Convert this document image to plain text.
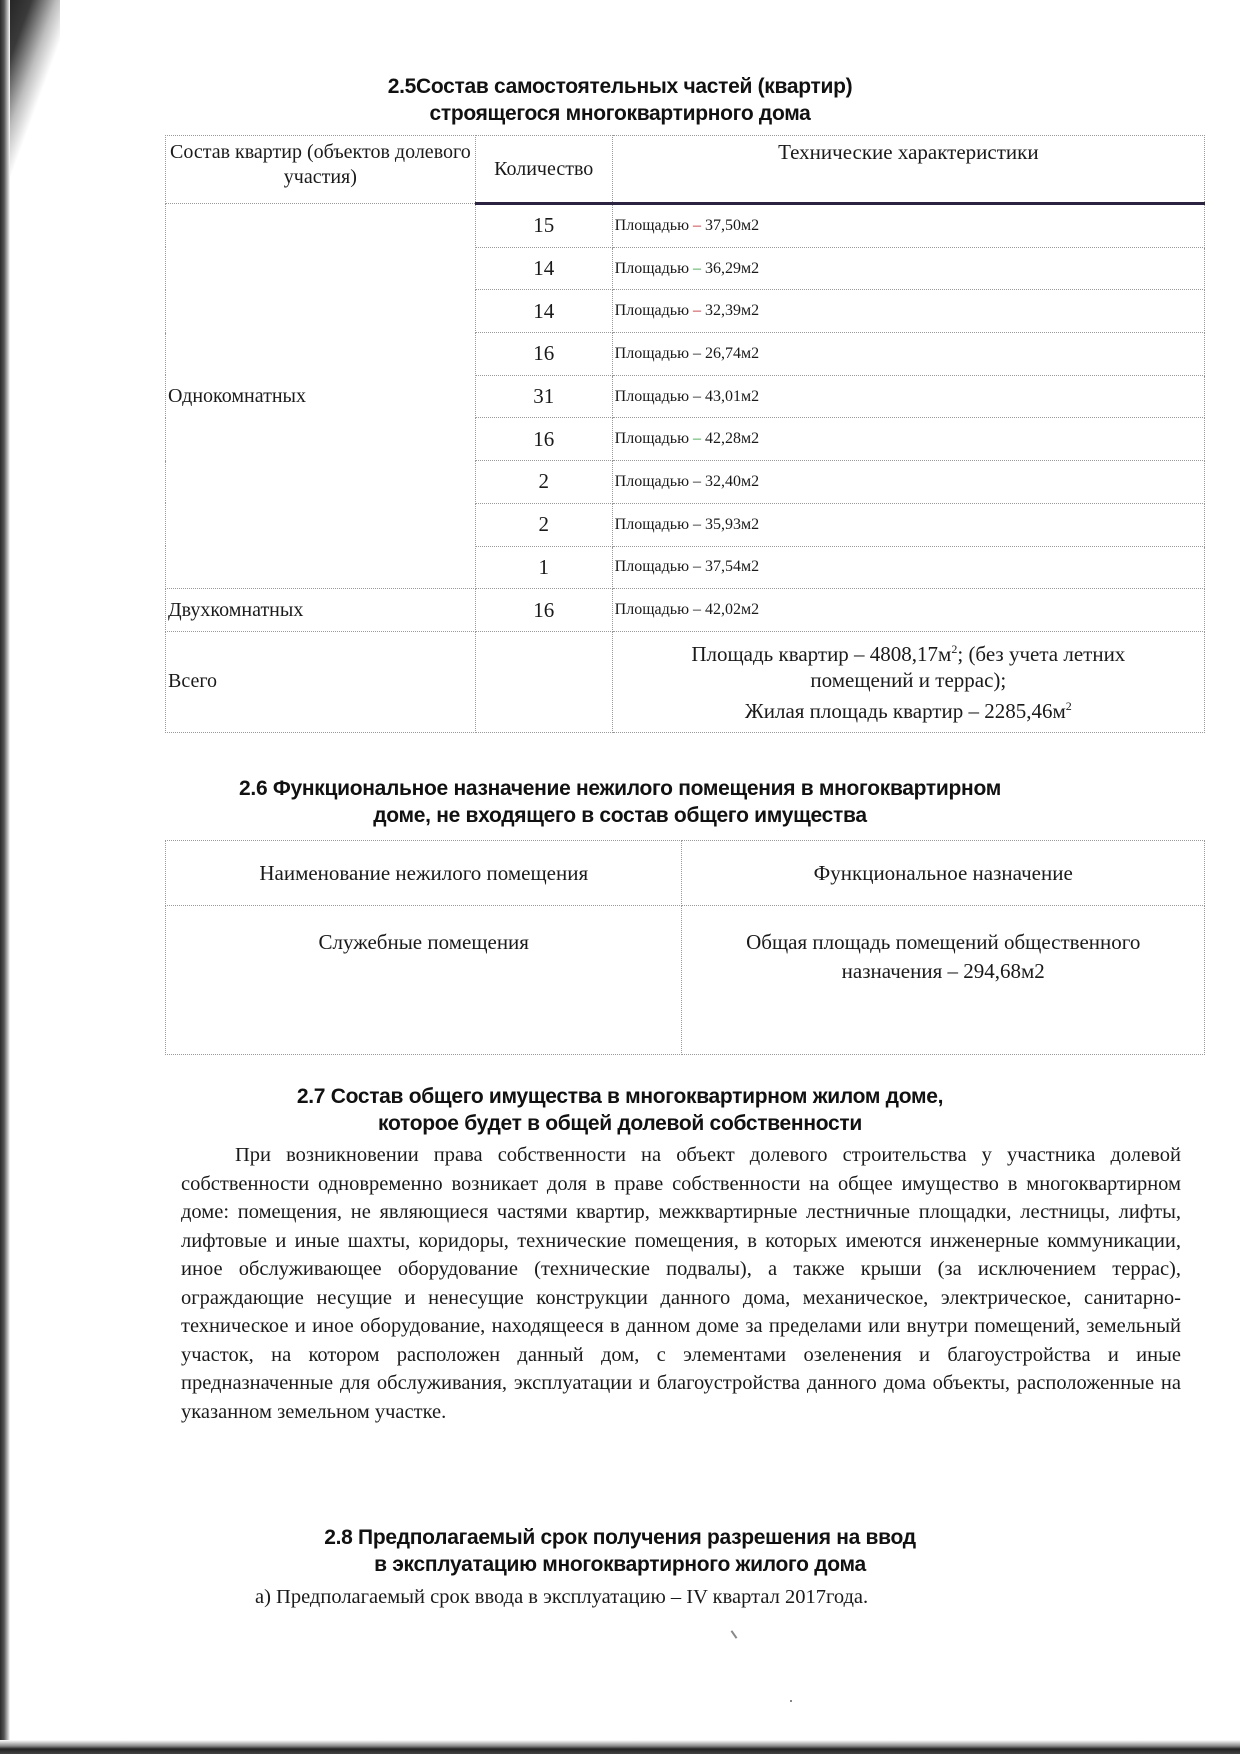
2.5Состав самостоятельных частей (квартир)
строящегося многоквартирного дома
Состав квартир (объектов долевого участия)	Количество	Технические характеристики
Однокомнатных	15	Площадью – 37,50м2
	14	Площадью – 36,29м2
	14	Площадью – 32,39м2
	16	Площадью – 26,74м2
	31	Площадью – 43,01м2
	16	Площадью – 42,28м2
	2	Площадью – 32,40м2
	2	Площадью – 35,93м2
	1	Площадью – 37,54м2
Двухкомнатных	16	Площадью – 42,02м2
Всего		Площадь квартир – $4808,17м^2$; (без учета летних
помещений и террас);
Жилая площадь квартир – $2285,46м^2$
2.6 Функциональное назначение нежилого помещения в многоквартирном
доме, не входящего в состав общего имущества
Наименование нежилого помещения	Функциональное назначение
Служебные помещения	Общая площадь помещений общественного
назначения – 294,68м2
2.7 Состав общего имущества в многоквартирном жилом доме,
которое будет в общей долевой собственности
При возникновении права собственности на объект долевого строительства у участника долевой собственности одновременно возникает доля в праве собственности на общее имущество в многоквартирном доме: помещения, не являющиеся частями квартир, межквартирные лестничные площадки, лестницы, лифты, лифтовые и иные шахты, коридоры, технические помещения, в которых имеются инженерные коммуникации, иное обслуживающее оборудование (технические подвалы), а также крыши (за исключением террас), ограждающие несущие и ненесущие конструкции данного дома, механическое, электрическое, санитарно-техническое и иное оборудование, находящееся в данном доме за пределами или внутри помещений, земельный участок, на котором расположен данный дом, с элементами озеленения и благоустройства и иные предназначенные для обслуживания, эксплуатации и благоустройства данного дома объекты, расположенные на указанном земельном участке.
2.8 Предполагаемый срок получения разрешения на ввод
в эксплуатацию многоквартирного жилого дома
а) Предполагаемый срок ввода в эксплуатацию – IV квартал 2017года.
